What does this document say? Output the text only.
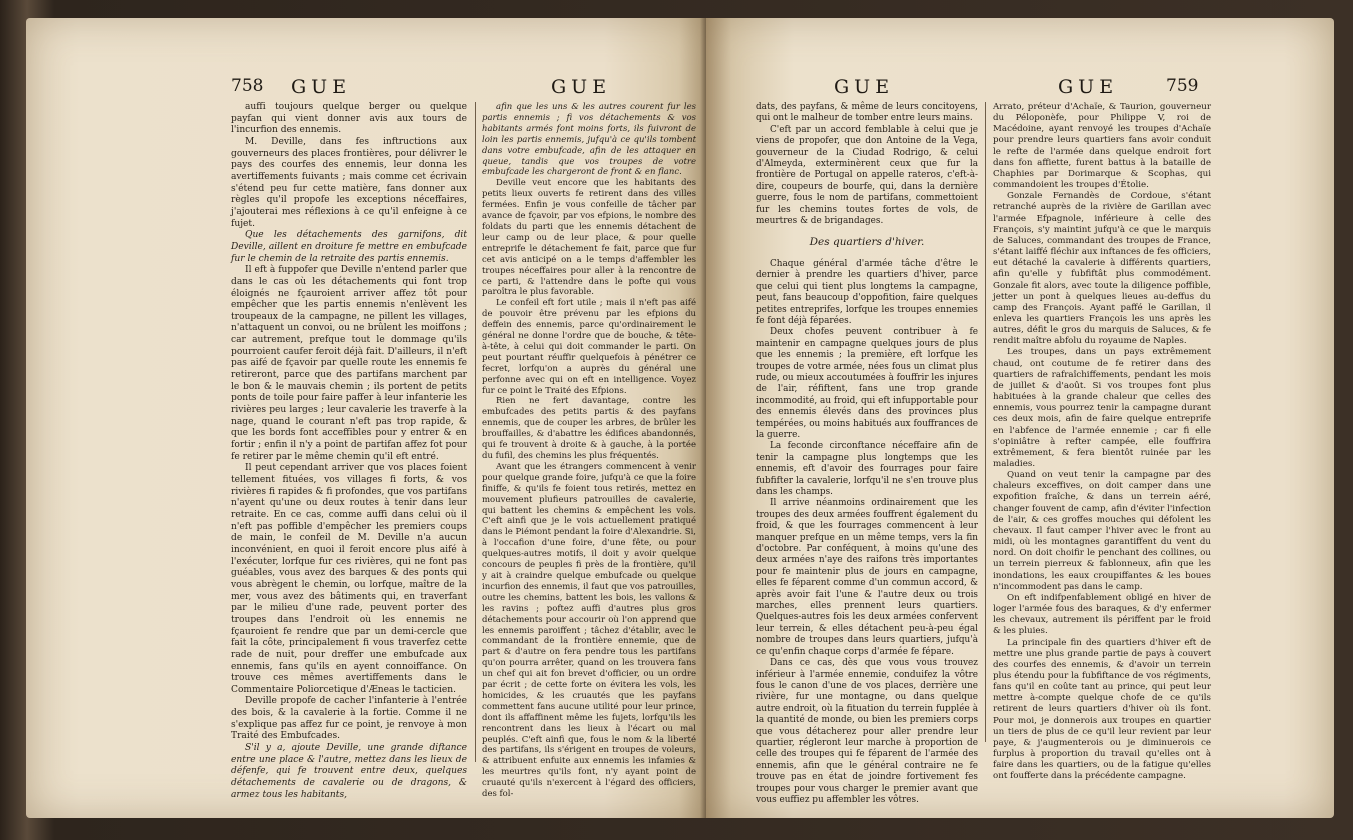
758 GUE	GUE

auffi toujours quelque berger ou quelque payfan qui vient donner avis aux tours de l'incurfion des ennemis.

M. Deville, dans fes inftructions aux gouverneurs des places frontières, pour délivrer le pays des courfes des ennemis, leur donna les avertiffements fuivants ; mais comme cet écrivain s'étend peu fur cette matière, fans donner aux règles qu'il propofe les exceptions néceffaires, j'ajouterai mes réflexions à ce qu'il enfeigne à ce fujet.

Que les détachements des garnifons, dit Deville, aillent en droiture fe mettre en embufcade fur le chemin de la retraite des partis ennemis.

Il eft à fuppofer que Deville n'entend parler que dans le cas où les détachements qui font trop éloignés ne fçauroient arriver affez tôt pour empêcher que les partis ennemis n'enlèvent les troupeaux de la campagne, ne pillent les villages, n'attaquent un convoi, ou ne brûlent les moiffons ; car autrement, prefque tout le dommage qu'ils pourroient caufer feroit déjà fait. D'ailleurs, il n'eft pas aifé de fçavoir par quelle route les ennemis fe retireront, parce que des partifans marchent par le bon & le mauvais chemin ; ils portent de petits ponts de toile pour faire paffer à leur infanterie les rivières peu larges ; leur cavalerie les traverfe à la nage, quand le courant n'eft pas trop rapide, & que les bords font acceffibles pour y entrer & en fortir ; enfin il n'y a point de partifan affez fot pour fe retirer par le même chemin qu'il eft entré.

Il peut cependant arriver que vos places foient tellement fituées, vos villages fi forts, & vos rivières fi rapides & fi profondes, que vos partifans n'ayent qu'une ou deux routes à tenir dans leur retraite. En ce cas, comme auffi dans celui où il n'eft pas poffible d'empêcher les premiers coups de main, le confeil de M. Deville n'a aucun inconvénient, en quoi il feroit encore plus aifé à l'exécuter, lorfque fur ces rivières, qui ne font pas guéables, vous avez des barques & des ponts qui vous abrègent le chemin, ou lorfque, maître de la mer, vous avez des bâtiments qui, en traverfant par le milieu d'une rade, peuvent porter des troupes dans l'endroit où les ennemis ne fçauroient fe rendre que par un demi-cercle que fait la côte, principalement fi vous traverfez cette rade de nuit, pour dreffer une embufcade aux ennemis, fans qu'ils en ayent connoiffance. On trouve ces mêmes avertiffements dans le Commentaire Poliorcetique d'Æneas le tacticien.

Deville propofe de cacher l'infanterie à l'entrée des bois, & la cavalerie à la fortie. Comme il ne s'explique pas affez fur ce point, je renvoye à mon Traité des Embufcades.

S'il y a, ajoute Deville, une grande diftance entre une place & l'autre, mettez dans les lieux de défenfe, qui fe trouvent entre deux, quelques détachements de cavalerie ou de dragons, & armez tous les habitants,

afin que les uns & les autres courent fur les partis ennemis ; fi vos détachements & vos habitants armés font moins forts, ils fuivront de loin les partis ennemis, jufqu'à ce qu'ils tombent dans votre embufcade, afin de les attaquer en queue, tandis que vos troupes de votre embufcade les chargeront de front & en flanc.

Deville veut encore que les habitants des petits lieux ouverts fe retirent dans des villes fermées. Enfin je vous confeille de tâcher par avance de fçavoir, par vos efpions, le nombre des foldats du parti que les ennemis détachent de leur camp ou de leur place, & pour quelle entreprife le détachement fe fait, parce que fur cet avis anticipé on a le temps d'affembler les troupes néceffaires pour aller à la rencontre de ce parti, & l'attendre dans le pofte qui vous paroîtra le plus favorable.

Le confeil eft fort utile ; mais il n'eft pas aifé de pouvoir être prévenu par les efpions du deffein des ennemis, parce qu'ordinairement le général ne donne l'ordre que de bouche, & tête-à-tête, à celui qui doit commander le parti. On peut pourtant réuffir quelquefois à pénétrer ce fecret, lorfqu'on a auprès du général une perfonne avec qui on eft en intelligence. Voyez fur ce point le Traité des Efpions.

Rien ne fert davantage, contre les embufcades des petits partis & des payfans ennemis, que de couper les arbres, de brûler les brouffailles, & d'abattre les édifices abandonnés, qui fe trouvent à droite & à gauche, à la portée du fufil, des chemins les plus fréquentés.

Avant que les étrangers commencent à venir pour quelque grande foire, jufqu'à ce que la foire finiffe, & qu'ils fe foient tous retirés, mettez en mouvement plufieurs patrouilles de cavalerie, qui battent les chemins & empêchent les vols. C'eft ainfi que je le vois actuellement pratiqué dans le Piémont pendant la foire d'Alexandrie. Si, à l'occafion d'une foire, d'une fête, ou pour quelques-autres motifs, il doit y avoir quelque concours de peuples fi près de la frontière, qu'il y ait à craindre quelque embufcade ou quelque incurfion des ennemis, il faut que vos patrouilles, outre les chemins, battent les bois, les vallons & les ravins ; poftez auffi d'autres plus gros détachements pour accourir où l'on apprend que les ennemis paroiffent ; tâchez d'établir, avec le commandant de la frontière ennemie, que de part & d'autre on fera pendre tous les partifans qu'on pourra arrêter, quand on les trouvera fans un chef qui ait fon brevet d'officier, ou un ordre par écrit ; de cette forte on évitera les vols, les homicides, & les cruautés que les payfans commettent fans aucune utilité pour leur prince, dont ils affaffinent même les fujets, lorfqu'ils les rencontrent dans les lieux à l'écart ou mal peuplés. C'eft ainfi que, fous le nom & la liberté des partifans, ils s'érigent en troupes de voleurs, & attribuent enfuite aux ennemis les infamies & les meurtres qu'ils font, n'y ayant point de cruauté qu'ils n'exercent à l'égard des officiers, des fol-

GUE	GUE	759

dats, des payfans, & même de leurs concitoyens, qui ont le malheur de tomber entre leurs mains.

C'eft par un accord femblable à celui que je viens de propofer, que don Antoine de la Vega, gouverneur de la Ciudad Rodrigo, & celui d'Almeyda, exterminèrent ceux que fur la frontière de Portugal on appelle rateros, c'eft-à-dire, coupeurs de bourfe, qui, dans la dernière guerre, fous le nom de partifans, commettoient fur les chemins toutes fortes de vols, de meurtres & de brigandages.

Des quartiers d'hiver.

Chaque général d'armée tâche d'être le dernier à prendre les quartiers d'hiver, parce que celui qui tient plus longtems la campagne, peut, fans beaucoup d'oppofition, faire quelques petites entreprifes, lorfque les troupes ennemies fe font déjà féparées.

Deux chofes peuvent contribuer à fe maintenir en campagne quelques jours de plus que les ennemis ; la première, eft lorfque les troupes de votre armée, nées fous un climat plus rude, ou mieux accoutumées à fouffrir les injures de l'air, réfiftent, fans une trop grande incommodité, au froid, qui eft infupportable pour des ennemis élevés dans des provinces plus tempérées, ou moins habitués aux fouffrances de la guerre.

La feconde circonftance néceffaire afin de tenir la campagne plus longtemps que les ennemis, eft d'avoir des fourrages pour faire fubfifter la cavalerie, lorfqu'il ne s'en trouve plus dans les champs.

Il arrive néanmoins ordinairement que les troupes des deux armées fouffrent également du froid, & que les fourrages commencent à leur manquer prefque en un même temps, vers la fin d'octobre. Par conféquent, à moins qu'une des deux armées n'aye des raifons très importantes pour fe maintenir plus de jours en campagne, elles fe féparent comme d'un commun accord, & après avoir fait l'une & l'autre deux ou trois marches, elles prennent leurs quartiers. Quelques-autres fois les deux armées confervent leur terrein, & elles détachent peu-à-peu égal nombre de troupes dans leurs quartiers, jufqu'à ce qu'enfin chaque corps d'armée fe fépare.

Dans ce cas, dès que vous vous trouvez inférieur à l'armée ennemie, conduifez la vôtre fous le canon d'une de vos places, derrière une rivière, fur une montagne, ou dans quelque autre endroit, où la fituation du terrein fupplée à la quantité de monde, ou bien les premiers corps que vous détacherez pour aller prendre leur quartier, régleront leur marche à proportion de celle des troupes qui fe féparent de l'armée des ennemis, afin que le général contraire ne fe trouve pas en état de joindre fortivement fes troupes pour vous charger le premier avant que vous euffiez pu affembler les vôtres.

Arrato, préteur d'Achaïe, & Taurion, gouverneur du Péloponèfe, pour Philippe V, roi de Macédoine, ayant renvoyé les troupes d'Achaïe pour prendre leurs quartiers fans avoir conduit le refte de l'armée dans quelque endroit fort dans fon affiette, furent battus à la bataille de Chaphies par Dorimarque & Scophas, qui commandoient les troupes d'Étolie.

Gonzale Fernandès de Cordoue, s'étant retranché auprès de la rivière de Garillan avec l'armée Efpagnole, inférieure à celle des François, s'y maintint jufqu'à ce que le marquis de Saluces, commandant des troupes de France, s'étant laiffé fléchir aux inftances de fes officiers, eut détaché la cavalerie à différents quartiers, afin qu'elle y fubfiftât plus commodément. Gonzale fit alors, avec toute la diligence poffible, jetter un pont à quelques lieues au-deffus du camp des François. Ayant paffé le Garillan, il enleva les quartiers François les uns après les autres, défit le gros du marquis de Saluces, & fe rendit maître abfolu du royaume de Naples.

Les troupes, dans un pays extrêmement chaud, ont coutume de fe retirer dans des quartiers de rafraîchiffements, pendant les mois de juillet & d'août. Si vos troupes font plus habituées à la grande chaleur que celles des ennemis, vous pourrez tenir la campagne durant ces deux mois, afin de faire quelque entreprife en l'abfence de l'armée ennemie ; car fi elle s'opiniâtre à refter campée, elle fouffrira extrêmement, & fera bientôt ruinée par les maladies.

Quand on veut tenir la campagne par des chaleurs exceffives, on doit camper dans une expofition fraîche, & dans un terrein aéré, changer fouvent de camp, afin d'éviter l'infection de l'air, & ces groffes mouches qui défolent les chevaux. Il faut camper l'hiver avec le front au midi, où les montagnes garantiffent du vent du nord. On doit choifir le penchant des collines, ou un terrein pierreux & fablonneux, afin que les inondations, les eaux croupiffantes & les boues n'incommodent pas dans le camp.

On eft indifpenfablement obligé en hiver de loger l'armée fous des baraques, & d'y enfermer les chevaux, autrement ils périffent par le froid & les pluies.

La principale fin des quartiers d'hiver eft de mettre une plus grande partie de pays à couvert des courfes des ennemis, & d'avoir un terrein plus étendu pour la fubfiftance de vos régiments, fans qu'il en coûte tant au prince, qui peut leur mettre à-compte quelque chofe de ce qu'ils retirent de leurs quartiers d'hiver où ils font. Pour moi, je donnerois aux troupes en quartier un tiers de plus de ce qu'il leur revient par leur paye, & j'augmenterois ou je diminuerois ce furplus à proportion du travail qu'elles ont à faire dans les quartiers, ou de la fatigue qu'elles ont foufferte dans la précédente campagne.
